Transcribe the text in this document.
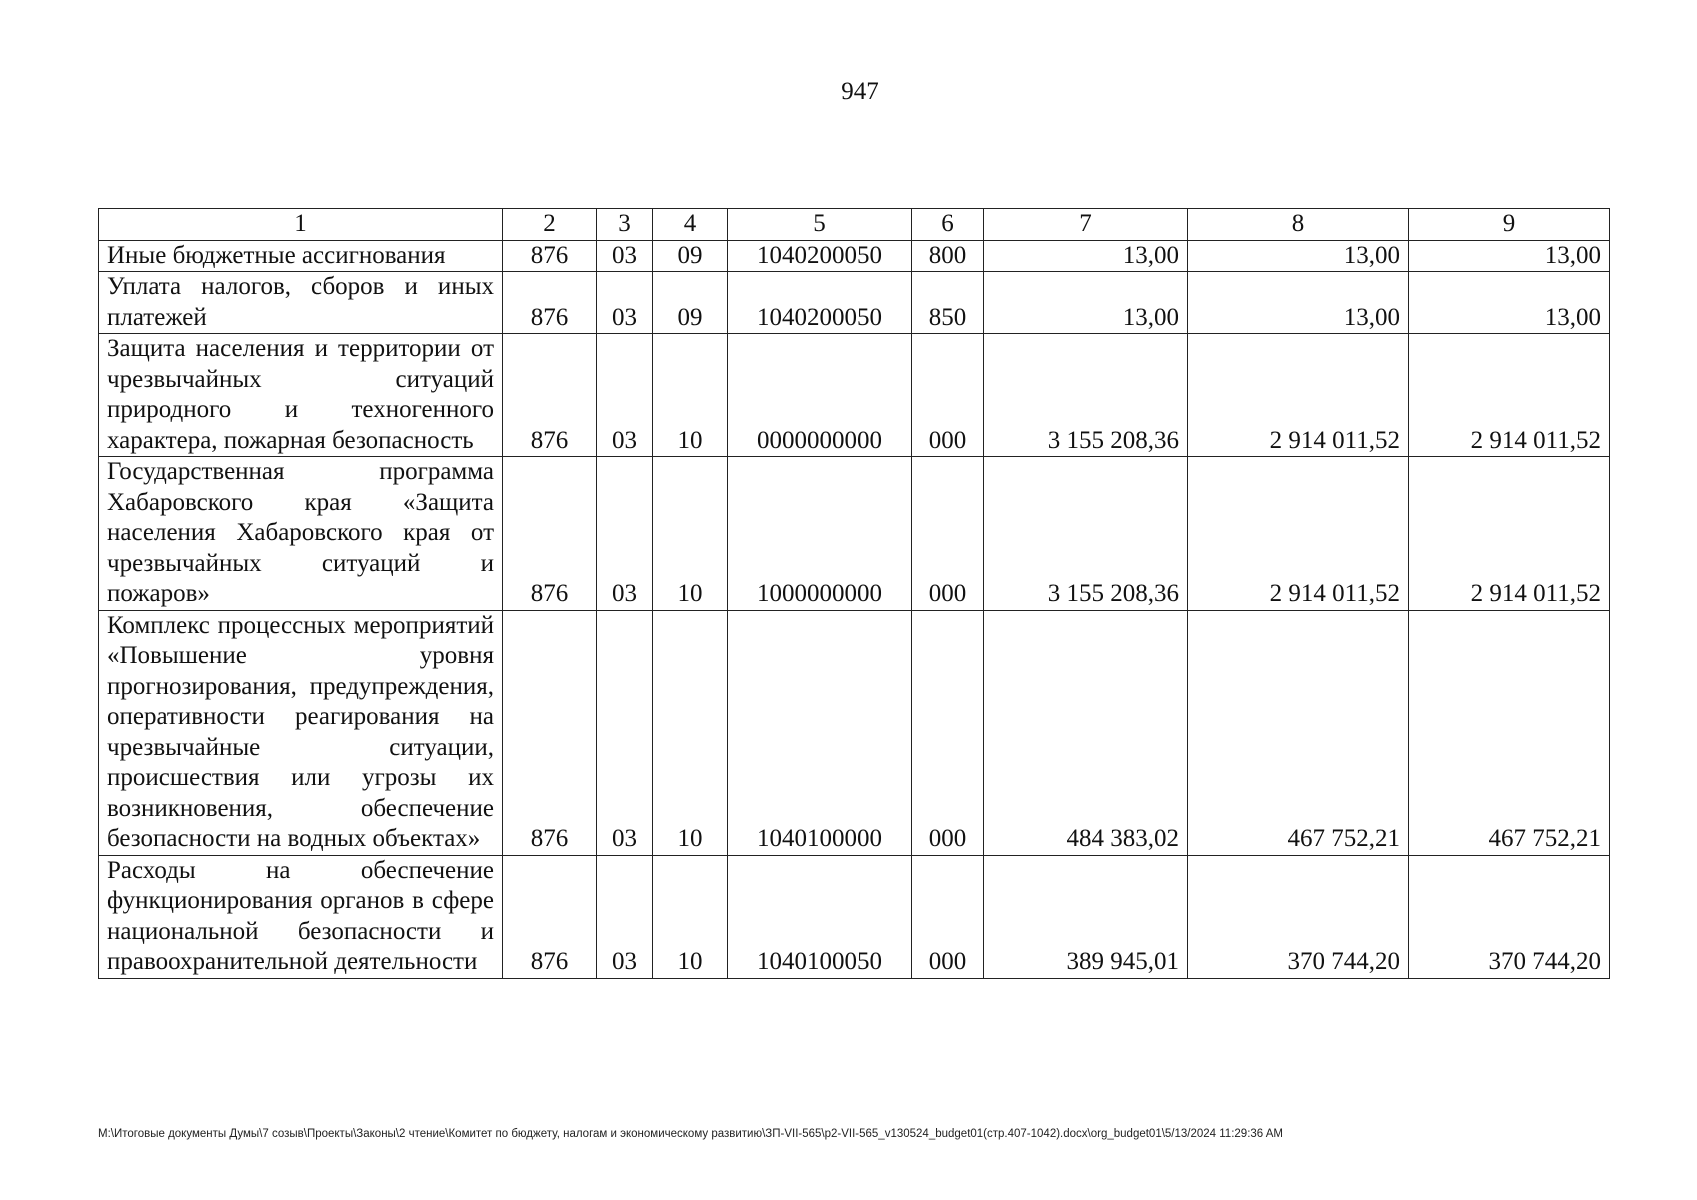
947
1	2	3	4	5	6	7	8	9
Иные бюджетные ассигнования	876	03	09	1040200050	800	13,00	13,00	13,00
Уплата налогов, сборов и иных платежей	876	03	09	1040200050	850	13,00	13,00	13,00
Защита населения и территории от чрезвычайных ситуаций природного и техногенного характера, пожарная безопасность	876	03	10	0000000000	000	3 155 208,36	2 914 011,52	2 914 011,52
Государственная программа Хабаровского края «Защита населения Хабаровского края от чрезвычайных ситуаций и пожаров»	876	03	10	1000000000	000	3 155 208,36	2 914 011,52	2 914 011,52
Комплекс процессных мероприятий «Повышение уровня прогнозирования, предупреждения, оперативности реагирования на чрезвычайные ситуации, происшествия или угрозы их возникновения, обеспечение безопасности на водных объектах»	876	03	10	1040100000	000	484 383,02	467 752,21	467 752,21
Расходы на обеспечение функционирования органов в сфере национальной безопасности и правоохранительной деятельности	876	03	10	1040100050	000	389 945,01	370 744,20	370 744,20
М:\Итоговые документы Думы\7 созыв\Проекты\Законы\2 чтение\Комитет по бюджету, налогам и экономическому развитию\ЗП-VII-565\р2-VII-565_v130524_budget01(стр.407-1042).docx\org_budget01\5/13/2024 11:29:36 AM
